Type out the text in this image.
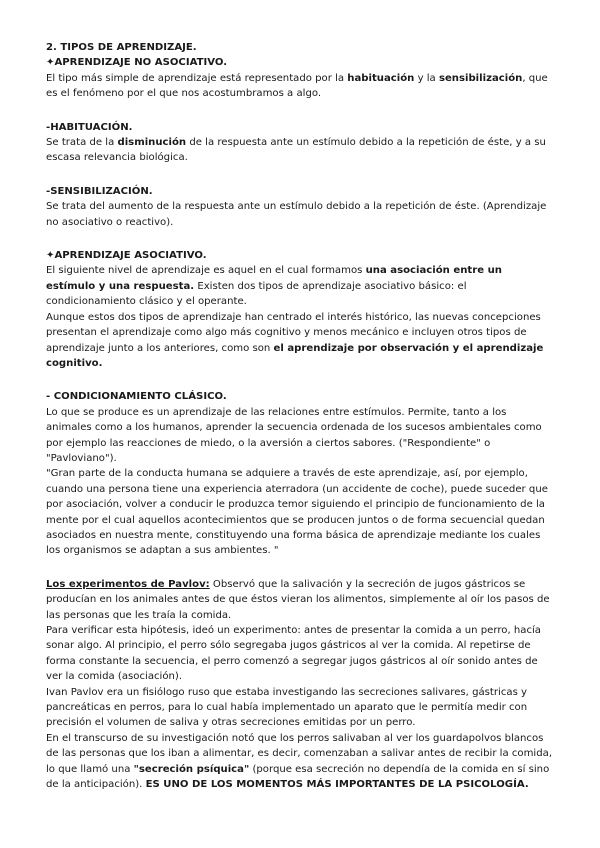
2. TIPOS DE APRENDIZAJE.

✦APRENDIZAJE NO ASOCIATIVO.

El tipo más simple de aprendizaje está representado por la habituación y la sensibilización, que es el fenómeno por el que nos acostumbramos a algo.

-HABITUACIÓN.

Se trata de la disminución de la respuesta ante un estímulo debido a la repetición de éste, y a su escasa relevancia biológica.

-SENSIBILIZACIÓN.

Se trata del aumento de la respuesta ante un estímulo debido a la repetición de éste. (Aprendizaje no asociativo o reactivo).

✦APRENDIZAJE ASOCIATIVO.

El siguiente nivel de aprendizaje es aquel en el cual formamos una asociación entre un estímulo y una respuesta. Existen dos tipos de aprendizaje asociativo básico: el condicionamiento clásico y el operante.

Aunque estos dos tipos de aprendizaje han centrado el interés histórico, las nuevas concepciones presentan el aprendizaje como algo más cognitivo y menos mecánico e incluyen otros tipos de aprendizaje junto a los anteriores, como son el aprendizaje por observación y el aprendizaje cognitivo.

- CONDICIONAMIENTO CLÁSICO.

Lo que se produce es un aprendizaje de las relaciones entre estímulos. Permite, tanto a los animales como a los humanos, aprender la secuencia ordenada de los sucesos ambientales como por ejemplo las reacciones de miedo, o la aversión a ciertos sabores. ("Respondiente" o "Pavloviano").

"Gran parte de la conducta humana se adquiere a través de este aprendizaje, así, por ejemplo, cuando una persona tiene una experiencia aterradora (un accidente de coche), puede suceder que por asociación, volver a conducir le produzca temor siguiendo el principio de funcionamiento de la mente por el cual aquellos acontecimientos que se producen juntos o de forma secuencial quedan asociados en nuestra mente, constituyendo una forma básica de aprendizaje mediante los cuales los organismos se adaptan a sus ambientes. "

Los experimentos de Pavlov: Observó que la salivación y la secreción de jugos gástricos se producían en los animales antes de que éstos vieran los alimentos, simplemente al oír los pasos de las personas que les traía la comida.

Para verificar esta hipótesis, ideó un experimento: antes de presentar la comida a un perro, hacía sonar algo. Al principio, el perro sólo segregaba jugos gástricos al ver la comida. Al repetirse de forma constante la secuencia, el perro comenzó a segregar jugos gástricos al oír sonido antes de ver la comida (asociación).

Ivan Pavlov era un fisiólogo ruso que estaba investigando las secreciones salivares, gástricas y pancreáticas en perros, para lo cual había implementado un aparato que le permitía medir con precisión el volumen de saliva y otras secreciones emitidas por un perro.

En el transcurso de su investigación notó que los perros salivaban al ver los guardapolvos blancos de las personas que los iban a alimentar, es decir, comenzaban a salivar antes de recibir la comida, lo que llamó una "secreción psíquica" (porque esa secreción no dependía de la comida en sí sino de la anticipación). ES UNO DE LOS MOMENTOS MÁS IMPORTANTES DE LA PSICOLOGÍA.
